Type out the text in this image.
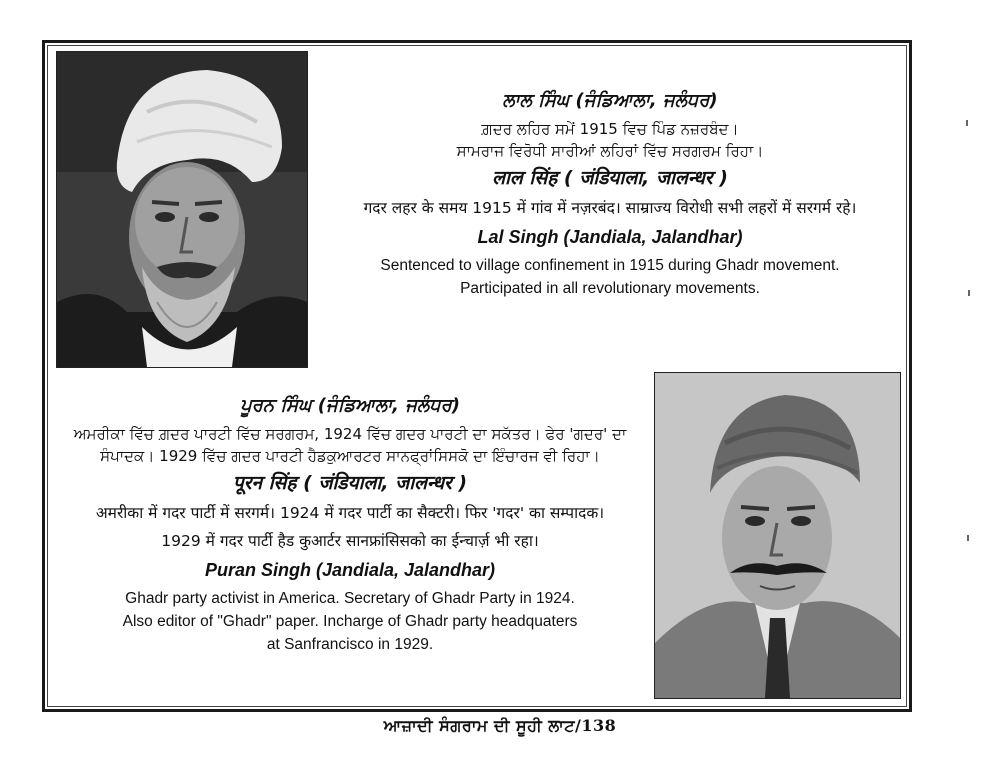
ਲਾਲ ਸਿੰਘ (ਜੰਡਿਆਲਾ, ਜਲੰਧਰ)

ਗ਼ਦਰ ਲਹਿਰ ਸਮੇਂ 1915 ਵਿਚ ਪਿੰਡ ਨਜ਼ਰਬੰਦ।

ਸਾਮਰਾਜ ਵਿਰੋਧੀ ਸਾਰੀਆਂ ਲਹਿਰਾਂ ਵਿੱਚ ਸਰਗਰਮ ਰਿਹਾ।

लाल सिंह ( जंडियाला, जालन्धर )

गदर लहर के समय 1915 में गांव में नज़रबंद। साम्राज्य विरोधी सभी लहरों में सरगर्म रहे।

Lal Singh (Jandiala, Jalandhar)

Sentenced to village confinement in 1915 during Ghadr movement.

Participated in all revolutionary movements.

ਪੂਰਨ ਸਿੰਘ (ਜੰਡਿਆਲਾ, ਜਲੰਧਰ)

ਅਮਰੀਕਾ ਵਿੱਚ ਗ਼ਦਰ ਪਾਰਟੀ ਵਿੱਚ ਸਰਗਰਮ, 1924 ਵਿੱਚ ਗਦਰ ਪਾਰਟੀ ਦਾ ਸਕੱਤਰ। ਫੇਰ 'ਗਦਰ' ਦਾ

ਸੰਪਾਦਕ। 1929 ਵਿੱਚ ਗਦਰ ਪਾਰਟੀ ਹੈਡਕੁਆਰਟਰ ਸਾਨਫ੍ਰਾਂਸਿਸਕੋ ਦਾ ਇੰਚਾਰਜ ਵੀ ਰਿਹਾ।

पूरन सिंह ( जंडियाला, जालन्धर )

अमरीका में गदर पार्टी में सरगर्म। 1924 में गदर पार्टी का सैक्टरी। फिर 'गदर' का सम्पादक।

1929 में गदर पार्टी हैड कुआर्टर सानफ्रांसिसको का ईन्चार्ज़ भी रहा।

Puran Singh (Jandiala, Jalandhar)

Ghadr party activist in America. Secretary of Ghadr Party in 1924.

Also editor of "Ghadr" paper. Incharge of Ghadr party headquaters

at Sanfrancisco in 1929.

ਆਜ਼ਾਦੀ ਸੰਗਰਾਮ ਦੀ ਸੂਹੀ ਲਾਟ/138
